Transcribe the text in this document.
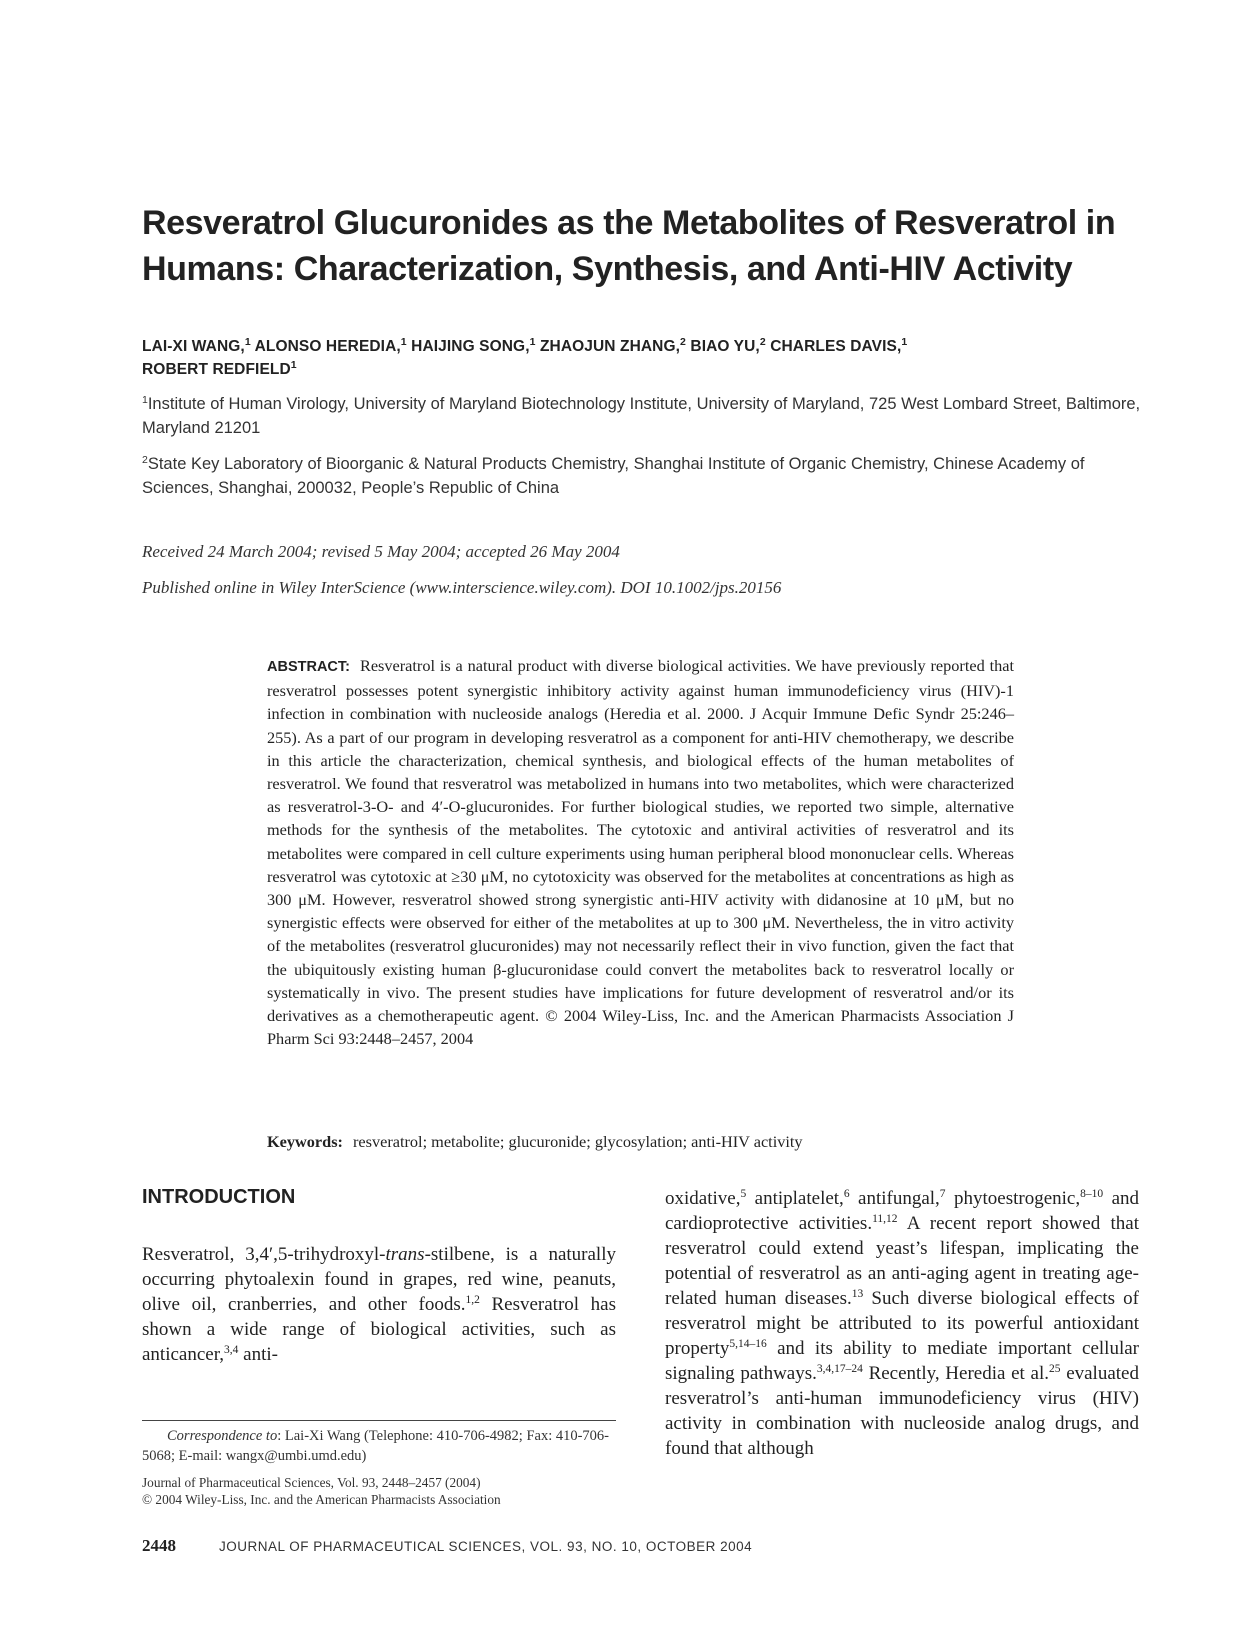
Resveratrol Glucuronides as the Metabolites of Resveratrol in Humans: Characterization, Synthesis, and Anti-HIV Activity
LAI-XI WANG,$^1$ ALONSO HEREDIA,$^1$ HAIJING SONG,$^1$ ZHAOJUN ZHANG,$^2$ BIAO YU,$^2$ CHARLES DAVIS,$^1$
ROBERT REDFIELD$^1$
$^1$Institute of Human Virology, University of Maryland Biotechnology Institute, University of Maryland, 725 West Lombard Street, Baltimore, Maryland 21201
$^2$State Key Laboratory of Bioorganic & Natural Products Chemistry, Shanghai Institute of Organic Chemistry, Chinese Academy of Sciences, Shanghai, 200032, People’s Republic of China
Received 24 March 2004; revised 5 May 2004; accepted 26 May 2004
Published online in Wiley InterScience (www.interscience.wiley.com). DOI 10.1002/jps.20156

ABSTRACT: Resveratrol is a natural product with diverse biological activities. We have previously reported that resveratrol possesses potent synergistic inhibitory activity against human immunodeficiency virus (HIV)-1 infection in combination with nucleoside analogs (Heredia et al. 2000. J Acquir Immune Defic Syndr 25:246–255). As a part of our program in developing resveratrol as a component for anti-HIV chemotherapy, we describe in this article the characterization, chemical synthesis, and biological effects of the human metabolites of resveratrol. We found that resveratrol was metabolized in humans into two metabolites, which were characterized as resveratrol-3-O- and 4′-O-glucuronides. For further biological studies, we reported two simple, alternative methods for the synthesis of the metabolites. The cytotoxic and antiviral activities of resveratrol and its metabolites were compared in cell culture experiments using human peripheral blood mononuclear cells. Whereas resveratrol was cytotoxic at ≥30 μM, no cytotoxicity was observed for the metabolites at concentrations as high as 300 μM. However, resveratrol showed strong synergistic anti-HIV activity with didanosine at 10 μM, but no synergistic effects were observed for either of the metabolites at up to 300 μM. Nevertheless, the in vitro activity of the metabolites (resveratrol glucuronides) may not necessarily reflect their in vivo function, given the fact that the ubiquitously existing human β-glucuronidase could convert the metabolites back to resveratrol locally or systematically in vivo. The present studies have implications for future development of resveratrol and/or its derivatives as a chemotherapeutic agent. © 2004 Wiley-Liss, Inc. and the American Pharmacists Association J Pharm Sci 93:2448–2457, 2004

Keywords: resveratrol; metabolite; glucuronide; glycosylation; anti-HIV activity
INTRODUCTION

Resveratrol, 3,4′,5-trihydroxyl-trans-stilbene, is a naturally occurring phytoalexin found in grapes, red wine, peanuts, olive oil, cranberries, and other foods.$^{1,2}$ Resveratrol has shown a wide range of biological activities, such as anticancer,$^{3,4}$ anti-

oxidative,$^5$ antiplatelet,$^6$ antifungal,$^7$ phytoestrogenic,$^{8-10}$ and cardioprotective activities.$^{11,12}$ A recent report showed that resveratrol could extend yeast’s lifespan, implicating the potential of resveratrol as an anti-aging agent in treating age-related human diseases.$^{13}$ Such diverse biological effects of resveratrol might be attributed to its powerful antioxidant property$^{5,14-16}$ and its ability to mediate important cellular signaling pathways.$^{3,4,17-24}$ Recently, Heredia et al.$^{25}$ evaluated resveratrol’s anti-human immunodeficiency virus (HIV) activity in combination with nucleoside analog drugs, and found that although

Correspondence to: Lai-Xi Wang (Telephone: 410-706-4982; Fax: 410-706-5068; E-mail: wangx@umbi.umd.edu)

Journal of Pharmaceutical Sciences, Vol. 93, 2448–2457 (2004)
© 2004 Wiley-Liss, Inc. and the American Pharmacists Association

2448	JOURNAL OF PHARMACEUTICAL SCIENCES, VOL. 93, NO. 10, OCTOBER 2004
